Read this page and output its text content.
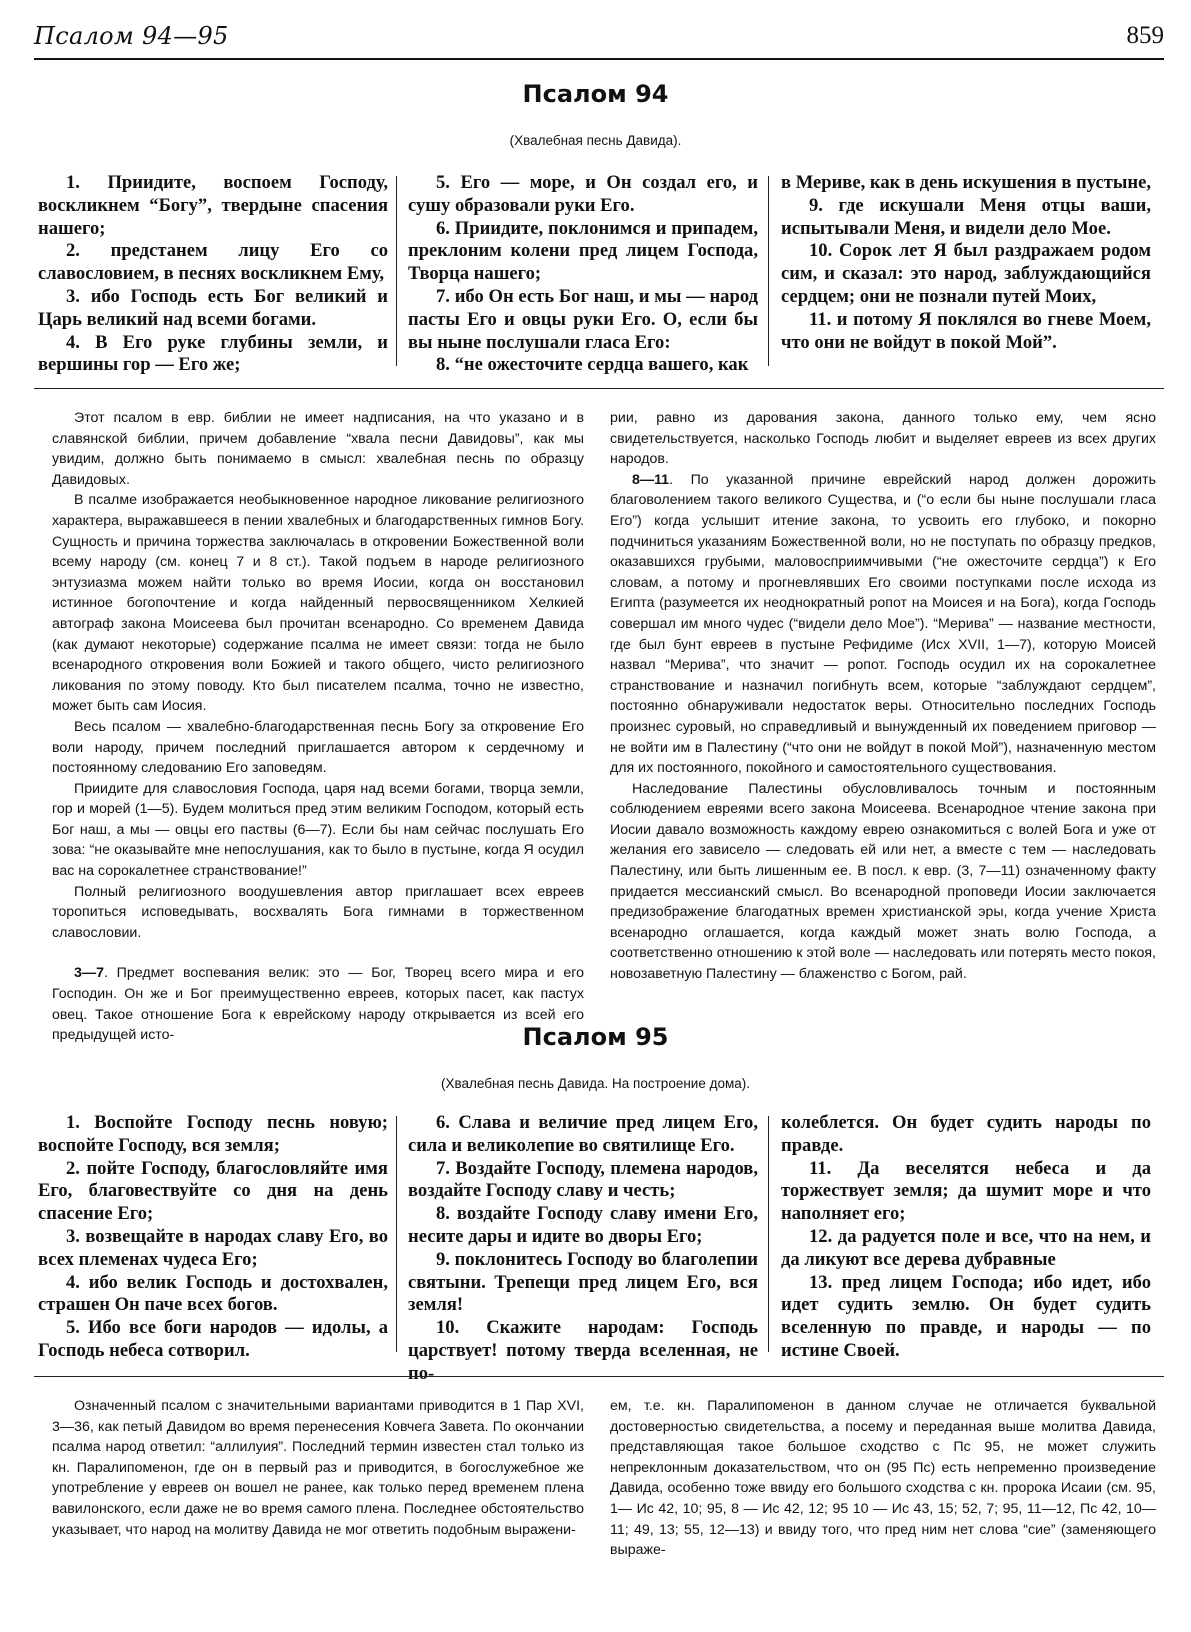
Псалом 94—95	859
Псалом 94
(Хвалебная песнь Давида).

1. Приидите, воспоем Господу, воскликнем “Богу”, твердыне спасения нашего;

2. предстанем лицу Его со славословием, в песнях воскликнем Ему,

3. ибо Господь есть Бог великий и Царь великий над всеми богами.

4. В Его руке глубины земли, и вершины гор — Его же;

5. Его — море, и Он создал его, и сушу образовали руки Его.

6. Приидите, поклонимся и припадем, преклоним колени пред лицем Господа, Творца нашего;

7. ибо Он есть Бог наш, и мы — народ пасты Его и овцы руки Его. О, если бы вы ныне послушали гласа Его:

8. “не ожесточите сердца вашего, как

в Мериве, как в день искушения в пустыне,

9. где искушали Меня отцы ваши, испытывали Меня, и видели дело Мое.

10. Сорок лет Я был раздражаем родом сим, и сказал: это народ, заблуждающийся сердцем; они не познали путей Моих,

11. и потому Я поклялся во гневе Моем, что они не войдут в покой Мой”.

Этот псалом в евр. библии не имеет надписания, на что указано и в славянской библии, причем добавление “хвала песни Давидовы”, как мы увидим, должно быть понимаемо в смысл: хвалебная песнь по образцу Давидовых.

В псалме изображается необыкновенное народное ликование религиозного характера, выражавшееся в пении хвалебных и благодарственных гимнов Богу. Сущность и причина торжества заключалась в откровении Божественной воли всему народу (см. конец 7 и 8 ст.). Такой подъем в народе религиозного энтузиазма можем найти только во время Иосии, когда он восстановил истинное богопочтение и когда найденный первосвященником Хелкией автограф закона Моисеева был прочитан всенародно. Со временем Давида (как думают некоторые) содержание псалма не имеет связи: тогда не было всенародного откровения воли Божией и такого общего, чисто религиозного ликования по этому поводу. Кто был писателем псалма, точно не известно, может быть сам Иосия.

Весь псалом — хвалебно-благодарственная песнь Богу за откровение Его воли народу, причем последний приглашается автором к сердечному и постоянному следованию Его заповедям.

Приидите для славословия Господа, царя над всеми богами, творца земли, гор и морей (1—5). Будем молиться пред этим великим Господом, который есть Бог наш, а мы — овцы его паствы (6—7). Если бы нам сейчас послушать Его зова: “не оказывайте мне непослушания, как то было в пустыне, когда Я осудил вас на сорокалетнее странствование!”

Полный религиозного воодушевления автор приглашает всех евреев торопиться исповедывать, восхвалять Бога гимнами в торжественном славословии.

3—7. Предмет воспевания велик: это — Бог, Творец всего мира и его Господин. Он же и Бог преимущественно евреев, которых пасет, как пастух овец. Такое отношение Бога к еврейскому народу открывается из всей его предыдущей исто-

рии, равно из дарования закона, данного только ему, чем ясно свидетельствуется, насколько Господь любит и выделяет евреев из всех других народов.

8—11. По указанной причине еврейский народ должен дорожить благоволением такого великого Существа, и (“о если бы ныне послушали гласа Его”) когда услышит итение закона, то усвоить его глубоко, и покорно подчиниться указаниям Божественной воли, но не поступать по образцу предков, оказавшихся грубыми, маловосприимчивыми (“не ожесточите сердца”) к Его словам, а потому и прогневлявших Его своими поступками после исхода из Египта (разумеется их неоднократный ропот на Моисея и на Бога), когда Господь совершал им много чудес (“видели дело Мое”). “Мерива” — название местности, где был бунт евреев в пустыне Рефидиме (Исх XVII, 1—7), которую Моисей назвал “Мерива”, что значит — ропот. Господь осудил их на сорокалетнее странствование и назначил погибнуть всем, которые “заблуждают сердцем”, постоянно обнаруживали недостаток веры. Относительно последних Господь произнес суровый, но справедливый и вынужденный их поведением приговор — не войти им в Палестину (“что они не войдут в покой Мой”), назначенную местом для их постоянного, покойного и самостоятельного существования.

Наследование Палестины обусловливалось точным и постоянным соблюдением евреями всего закона Моисеева. Всенародное чтение закона при Иосии давало возможность каждому еврею ознакомиться с волей Бога и уже от желания его зависело — следовать ей или нет, а вместе с тем — наследовать Палестину, или быть лишенным ее. В посл. к евр. (3, 7—11) означенному факту придается мессианский смысл. Во всенародной проповеди Иосии заключается предизображение благодатных времен христианской эры, когда учение Христа всенародно оглашается, когда каждый может знать волю Господа, а соответственно отношению к этой воле — наследовать или потерять место покоя, новозаветную Палестину — блаженство с Богом, рай.

Псалом 95
(Хвалебная песнь Давида. На построение дома).

1. Воспойте Господу песнь новую; воспойте Господу, вся земля;

2. пойте Господу, благословляйте имя Его, благовествуйте со дня на день спасение Его;

3. возвещайте в народах славу Его, во всех племенах чудеса Его;

4. ибо велик Господь и достохвален, страшен Он паче всех богов.

5. Ибо все боги народов — идолы, а Господь небеса сотворил.

6. Слава и величие пред лицем Его, сила и великолепие во святилище Его.

7. Воздайте Господу, племена народов, воздайте Господу славу и честь;

8. воздайте Господу славу имени Его, несите дары и идите во дворы Его;

9. поклонитесь Господу во благолепии святыни. Трепещи пред лицем Его, вся земля!

10. Скажите народам: Господь царствует! потому тверда вселенная, не по-

колеблется. Он будет судить народы по правде.

11. Да веселятся небеса и да торжествует земля; да шумит море и что наполняет его;

12. да радуется поле и все, что на нем, и да ликуют все дерева дубравные

13. пред лицем Господа; ибо идет, ибо идет судить землю. Он будет судить вселенную по правде, и народы — по истине Своей.

Означенный псалом с значительными вариантами приводится в 1 Пар XVI, 3—36, как петый Давидом во время перенесения Ковчега Завета. По окончании псалма народ ответил: “аллилуия”. Последний термин известен стал только из кн. Паралипоменон, где он в первый раз и приводится, в богослужебное же употребление у евреев он вошел не ранее, как только перед временем плена вавилонского, если даже не во время самого плена. Последнее обстоятельство указывает, что народ на молитву Давида не мог ответить подобным выражени-

ем, т.е. кн. Паралипоменон в данном случае не отличается буквальной достоверностью свидетельства, а посему и переданная выше молитва Давида, представляющая такое большое сходство с Пс 95, не может служить непреклонным доказательством, что он (95 Пс) есть непременно произведение Давида, особенно тоже ввиду его большого сходства с кн. пророка Исаии (см. 95, 1— Ис 42, 10; 95, 8 — Ис 42, 12; 95 10 — Ис 43, 15; 52, 7; 95, 11—12, Пс 42, 10—11; 49, 13; 55, 12—13) и ввиду того, что пред ним нет слова “сие” (заменяющего выраже-
